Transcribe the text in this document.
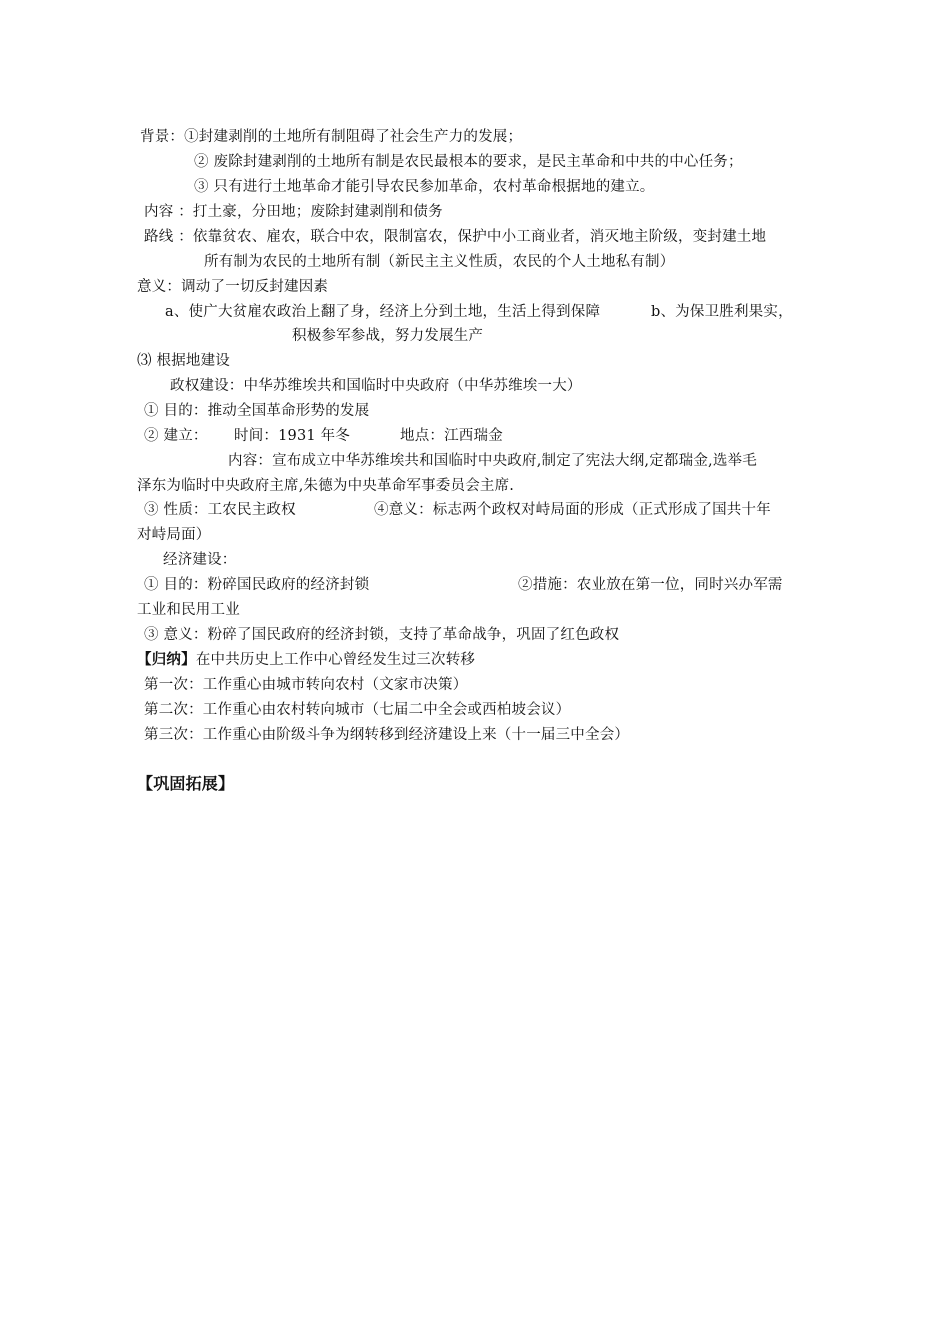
背景：①封建剥削的土地所有制阻碍了社会生产力的发展；
② 废除封建剥削的土地所有制是农民最根本的要求，是民主革命和中共的中心任务；
③ 只有进行土地革命才能引导农民参加革命，农村革命根据地的建立。
内容 ：打土豪，分田地；废除封建剥削和债务
路线 ：依靠贫农、雇农，联合中农，限制富农，保护中小工商业者，消灭地主阶级，变封建土地
所有制为农民的土地所有制（新民主主义性质，农民的个人土地私有制）
意义：调动了一切反封建因素
a、使广大贫雇农政治上翻了身，经济上分到土地，生活上得到保障	b、为保卫胜利果实，
积极参军参战，努力发展生产
⑶ 根据地建设
政权建设：中华苏维埃共和国临时中央政府（中华苏维埃一大）
① 目的：推动全国革命形势的发展
② 建立： 时间：1931 年冬	地点：江西瑞金
内容：宣布成立中华苏维埃共和国临时中央政府,制定了宪法大纲,定都瑞金,选举毛
泽东为临时中央政府主席,朱德为中央革命军事委员会主席.
③ 性质：工农民主政权	④意义：标志两个政权对峙局面的形成（正式形成了国共十年
对峙局面）
经济建设：
① 目的：粉碎国民政府的经济封锁	②措施：农业放在第一位，同时兴办军需
工业和民用工业
③ 意义：粉碎了国民政府的经济封锁，支持了革命战争，巩固了红色政权
【归纳】在中共历史上工作中心曾经发生过三次转移
第一次：工作重心由城市转向农村（文家市决策）
第二次：工作重心由农村转向城市（七届二中全会或西柏坡会议）
第三次：工作重心由阶级斗争为纲转移到经济建设上来（十一届三中全会）
【巩固拓展】
